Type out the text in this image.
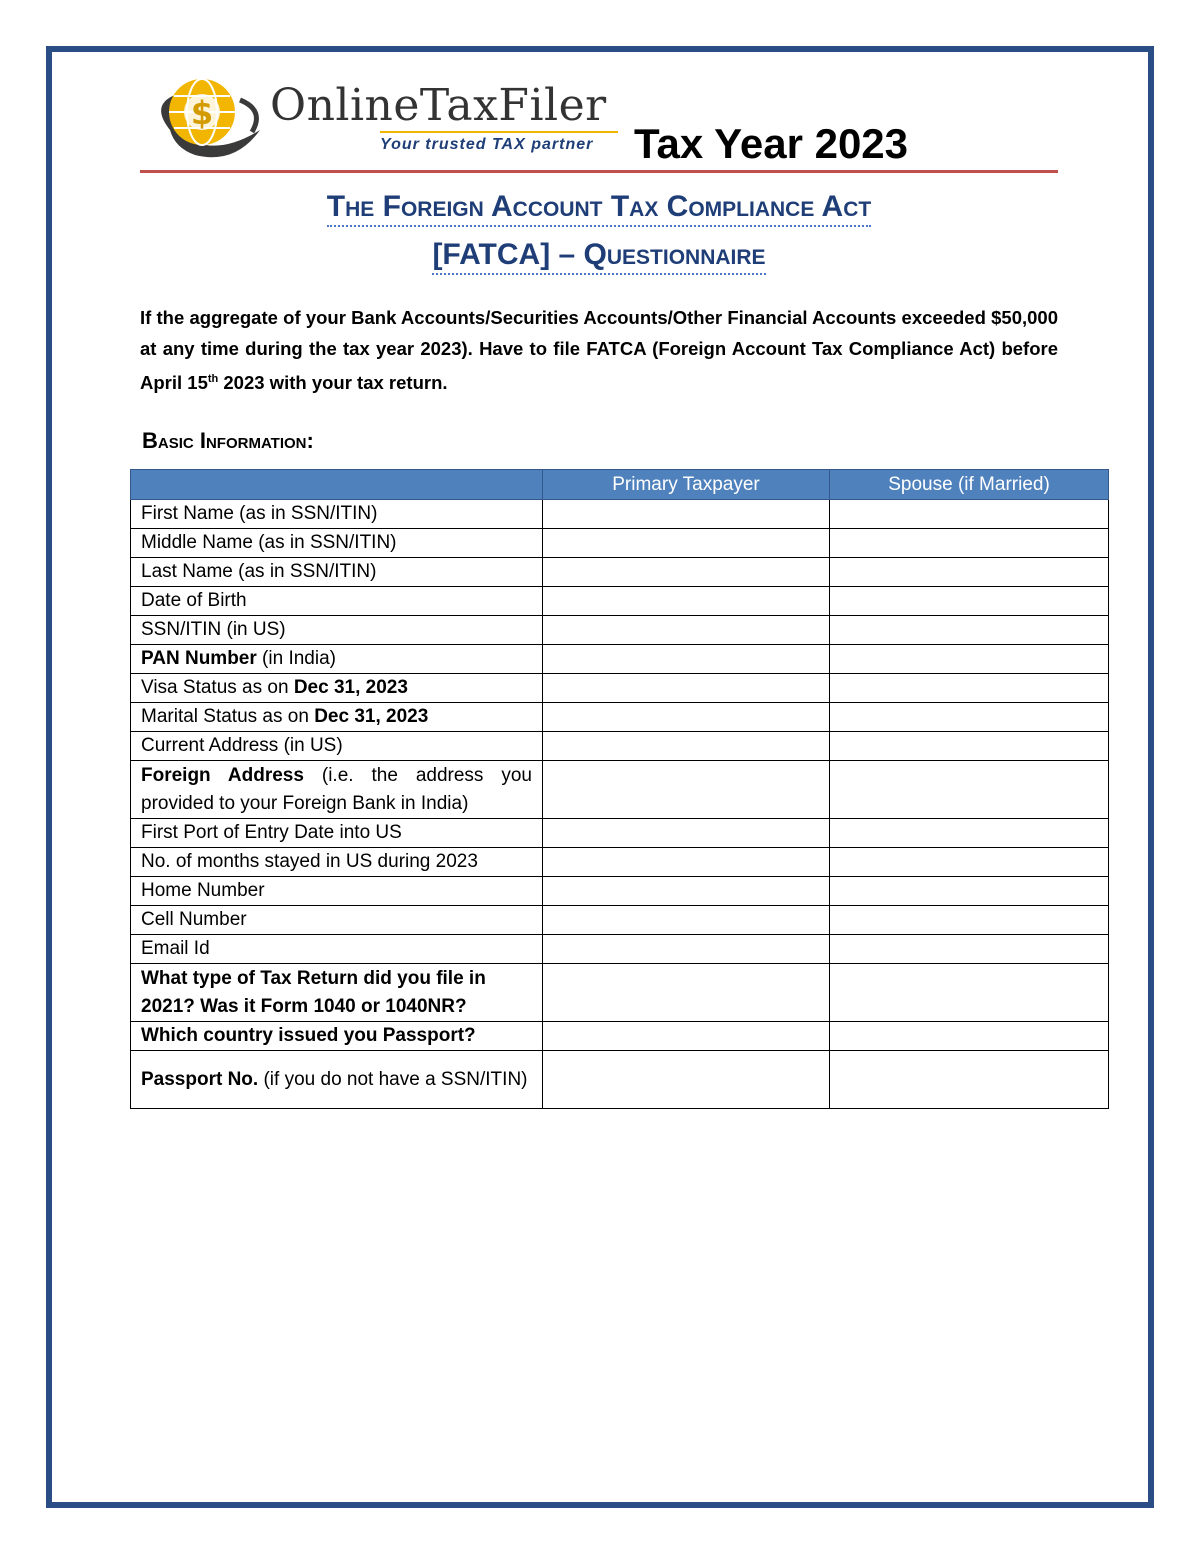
$ OnlineTaxFiler
Your trusted TAX partner Tax Year 2023
The Foreign Account Tax Compliance Act
[FATCA] – Questionnaire
If the aggregate of your Bank Accounts/Securities Accounts/Other Financial Accounts exceeded $50,000 at any time during the tax year 2023). Have to file FATCA (Foreign Account Tax Compliance Act) before April 15th 2023 with your tax return.
Basic Information:
	Primary Taxpayer	Spouse (if Married)
First Name (as in SSN/ITIN)		
Middle Name (as in SSN/ITIN)		
Last Name (as in SSN/ITIN)		
Date of Birth		
SSN/ITIN (in US)		
PAN Number (in India)		
Visa Status as on Dec 31, 2023		
Marital Status as on Dec 31, 2023		
Current Address (in US)		
Foreign Address (i.e. the address you provided to your Foreign Bank in India)		
First Port of Entry Date into US		
No. of months stayed in US during 2023		
Home Number		
Cell Number		
Email Id		
What type of Tax Return did you file in 2021? Was it Form 1040 or 1040NR?		
Which country issued you Passport?		
Passport No. (if you do not have a SSN/ITIN)		
